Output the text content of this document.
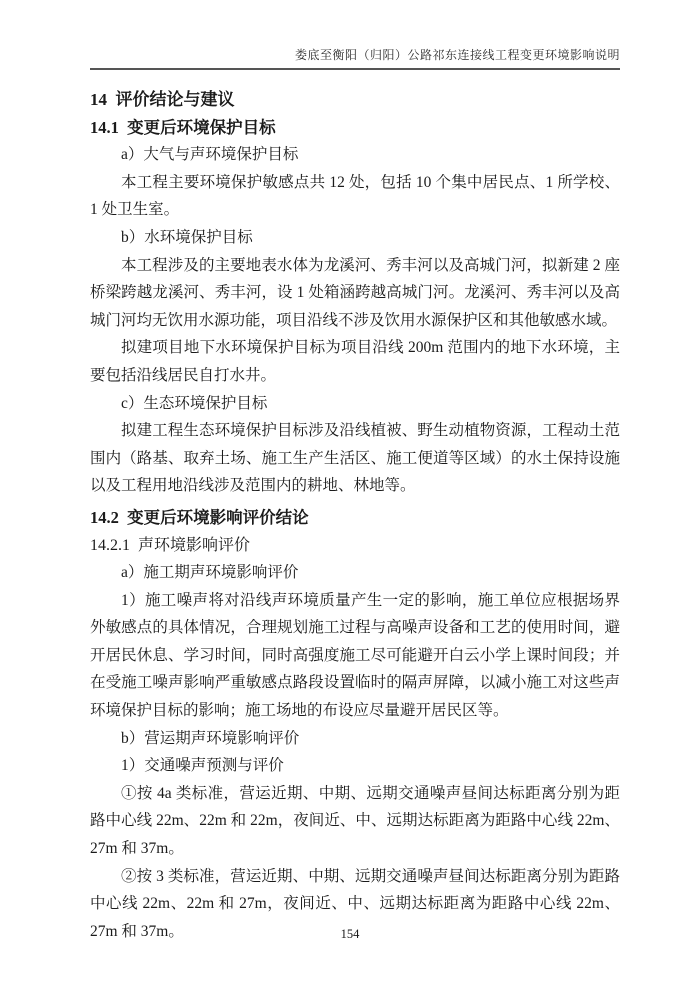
娄底至衡阳（归阳）公路祁东连接线工程变更环境影响说明

14  评价结论与建议

14.1  变更后环境保护目标

a）大气与声环境保护目标

本工程主要环境保护敏感点共 12 处，包括 10 个集中居民点、1 所学校、1 处卫生室。

b）水环境保护目标

本工程涉及的主要地表水体为龙溪河、秀丰河以及高城门河，拟新建 2 座桥梁跨越龙溪河、秀丰河，设 1 处箱涵跨越高城门河。龙溪河、秀丰河以及高城门河均无饮用水源功能，项目沿线不涉及饮用水源保护区和其他敏感水域。

拟建项目地下水环境保护目标为项目沿线 200m 范围内的地下水环境，主要包括沿线居民自打水井。

c）生态环境保护目标

拟建工程生态环境保护目标涉及沿线植被、野生动植物资源，工程动土范围内（路基、取弃土场、施工生产生活区、施工便道等区域）的水土保持设施以及工程用地沿线涉及范围内的耕地、林地等。

14.2  变更后环境影响评价结论

14.2.1  声环境影响评价

a）施工期声环境影响评价

1）施工噪声将对沿线声环境质量产生一定的影响，施工单位应根据场界外敏感点的具体情况，合理规划施工过程与高噪声设备和工艺的使用时间，避开居民休息、学习时间，同时高强度施工尽可能避开白云小学上课时间段；并在受施工噪声影响严重敏感点路段设置临时的隔声屏障，以减小施工对这些声环境保护目标的影响；施工场地的布设应尽量避开居民区等。

b）营运期声环境影响评价

1）交通噪声预测与评价

①按 4a 类标准，营运近期、中期、远期交通噪声昼间达标距离分别为距路中心线 22m、22m 和 22m，夜间近、中、远期达标距离为距路中心线 22m、27m 和 37m。

②按 3 类标准，营运近期、中期、远期交通噪声昼间达标距离分别为距路中心线 22m、22m 和 27m，夜间近、中、远期达标距离为距路中心线 22m、27m 和 37m。	154
